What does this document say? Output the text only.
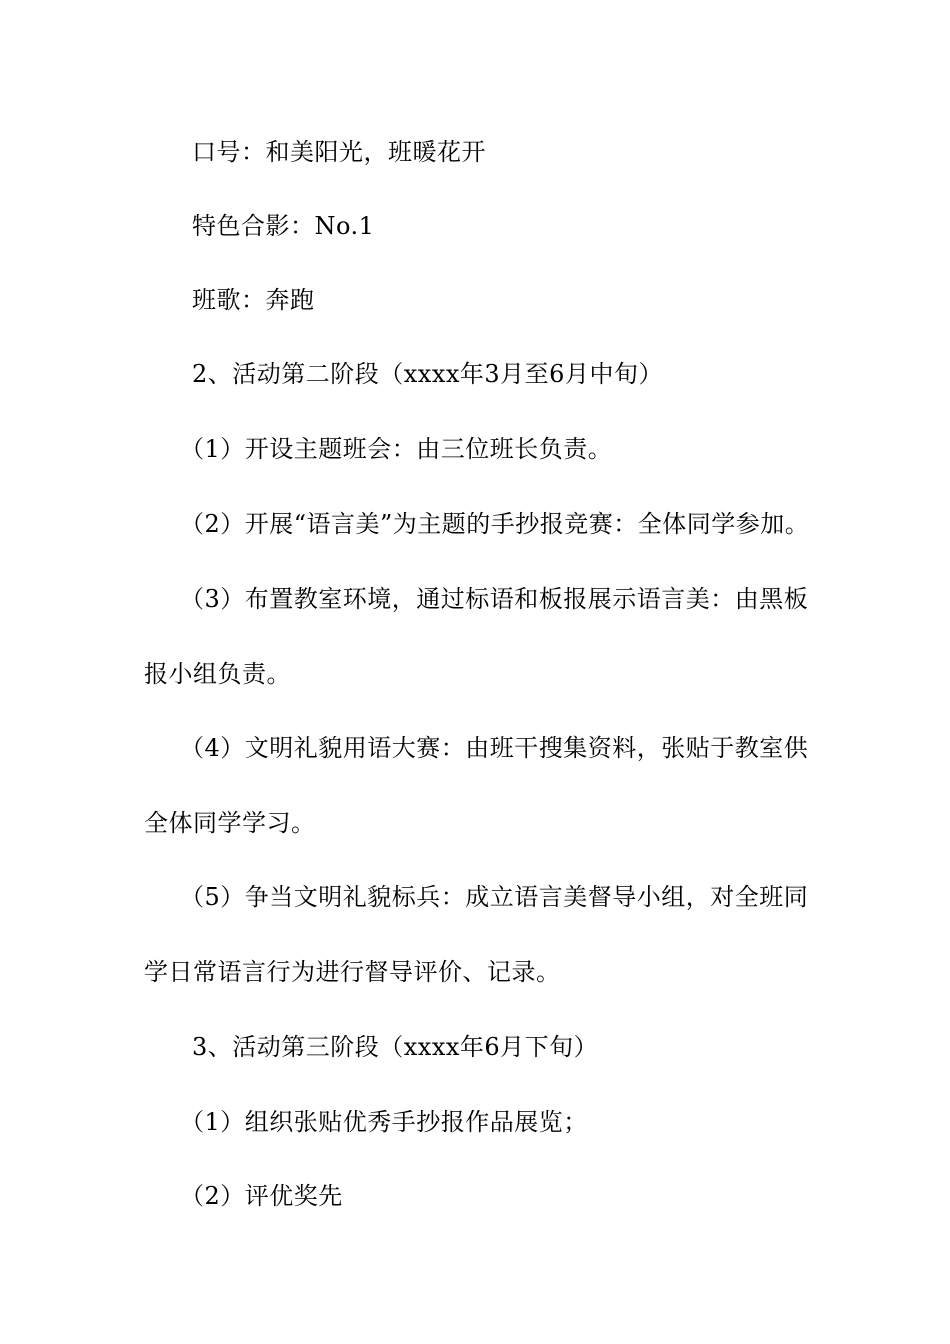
口号：和美阳光，班暖花开
特色合影：No.1
班歌：奔跑
2、活动第二阶段（xxxx年3月至6月中旬）
（1）开设主题班会：由三位班长负责。
（2）开展“语言美”为主题的手抄报竞赛：全体同学参加。
（3）布置教室环境，通过标语和板报展示语言美：由黑板
报小组负责。
（4）文明礼貌用语大赛：由班干搜集资料，张贴于教室供
全体同学学习。
（5）争当文明礼貌标兵：成立语言美督导小组，对全班同
学日常语言行为进行督导评价、记录。
3、活动第三阶段（xxxx年6月下旬）
（1）组织张贴优秀手抄报作品展览；
（2）评优奖先
